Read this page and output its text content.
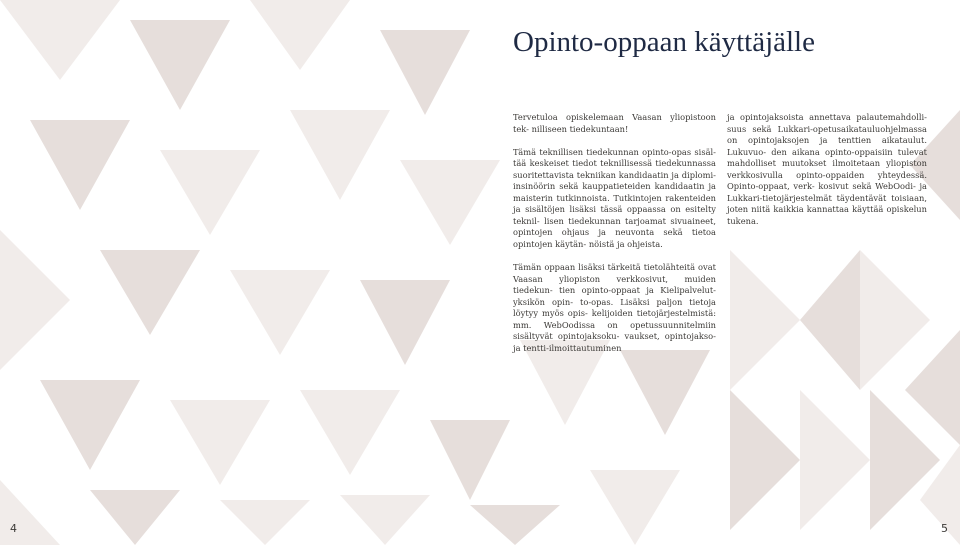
Opinto-oppaan käyttäjälle

Tervetuloa opiskelemaan Vaasan yliopistoon tek- nilliseen tiedekuntaan!

Tämä teknillisen tiedekunnan opinto-opas sisäl- tää keskeiset tiedot teknillisessä tiedekunnassa suoritettavista tekniikan kandidaatin ja diplomi- insinöörin sekä kauppatieteiden kandidaatin ja maisterin tutkinnoista. Tutkintojen rakenteiden ja sisältöjen lisäksi tässä oppaassa on esitelty teknil- lisen tiedekunnan tarjoamat sivuaineet, opintojen ohjaus ja neuvonta sekä tietoa opintojen käytän- nöistä ja ohjeista.

Tämän oppaan lisäksi tärkeitä tietolähteitä ovat Vaasan yliopiston verkkosivut, muiden tiedekun- tien opinto-oppaat ja Kielipalvelut-yksikön opin- to-opas. Lisäksi paljon tietoja löytyy myös opis- kelijoiden tietojärjestelmistä: mm. WebOodissa on opetussuunnitelmiin sisältyvät opintojaksoku- vaukset, opintojakso- ja tentti-ilmoittautuminen

ja opintojaksoista annettava palautemahdolli- suus sekä Lukkari-opetusaikatauluohjelmassa on opintojaksojen ja tenttien aikataulut. Lukuvuo- den aikana opinto-oppaisiin tulevat mahdolliset muutokset ilmoitetaan yliopiston verkkosivulla opinto-oppaiden yhteydessä. Opinto-oppaat, verk- kosivut sekä WebOodi- ja Lukkari-tietojärjestelmät täydentävät toisiaan, joten niitä kaikkia kannattaa käyttää opiskelun tukena.

4	5
